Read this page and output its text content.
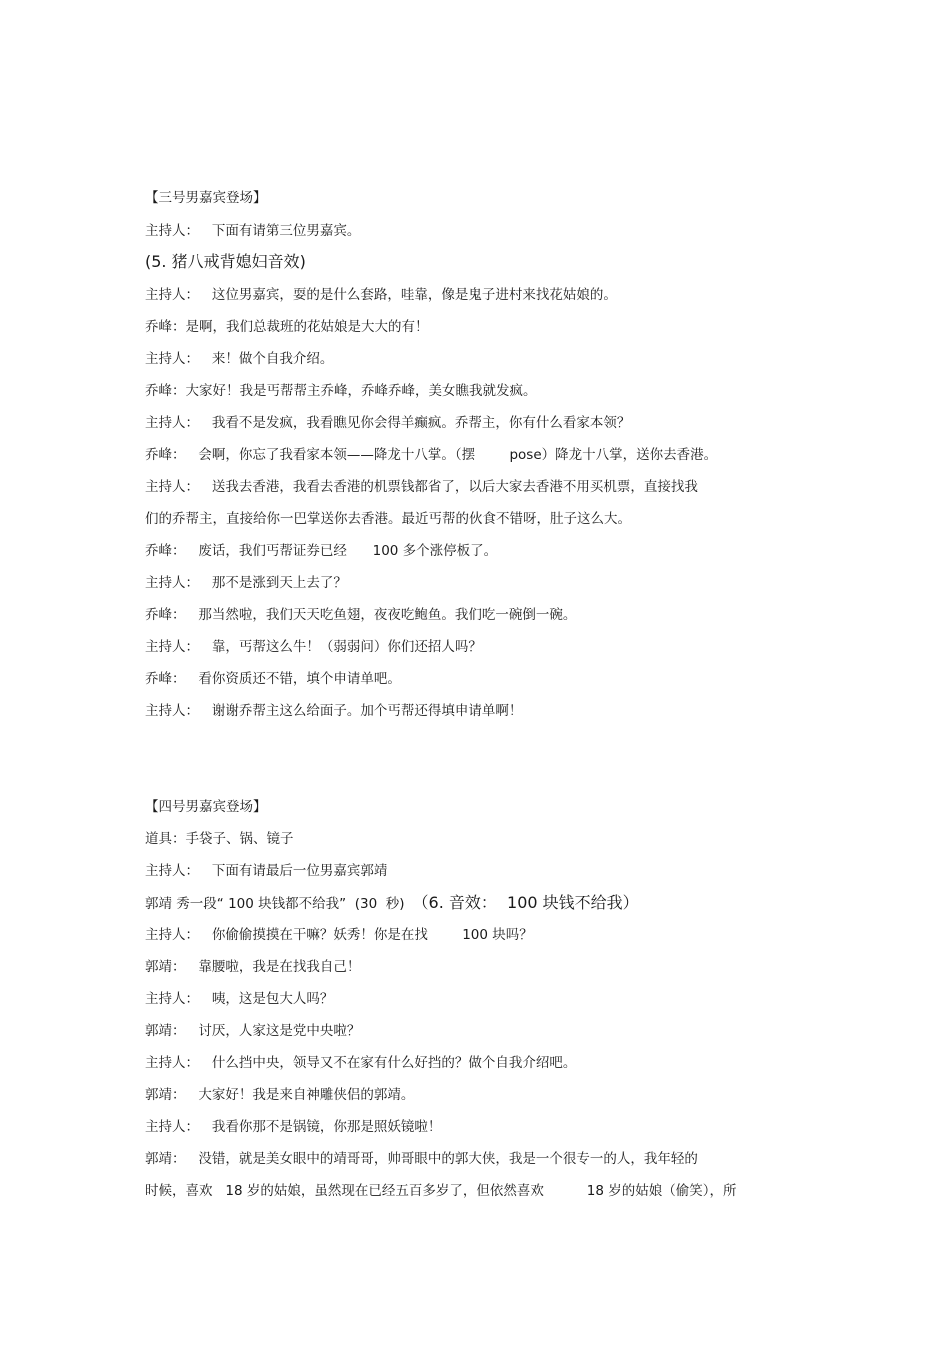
【三号男嘉宾登场】
主持人：   下面有请第三位男嘉宾。
(5. 猪八戒背媳妇音效)
主持人：   这位男嘉宾，耍的是什么套路，哇靠，像是鬼子进村来找花姑娘的。
乔峰：是啊，我们总裁班的花姑娘是大大的有！
主持人：   来！做个自我介绍。
乔峰：大家好！我是丐帮帮主乔峰，乔峰乔峰，美女瞧我就发疯。
主持人：   我看不是发疯，我看瞧见你会得羊癫疯。乔帮主，你有什么看家本领？
乔峰：   会啊，你忘了我看家本领——降龙十八掌。（摆        pose）降龙十八掌，送你去香港。
主持人：   送我去香港，我看去香港的机票钱都省了，以后大家去香港不用买机票，直接找我
们的乔帮主，直接给你一巴掌送你去香港。最近丐帮的伙食不错呀，肚子这么大。
乔峰：   废话，我们丐帮证券已经      100 多个涨停板了。
主持人：   那不是涨到天上去了？
乔峰：   那当然啦，我们天天吃鱼翅，夜夜吃鲍鱼。我们吃一碗倒一碗。
主持人：   靠，丐帮这么牛！（弱弱问）你们还招人吗？
乔峰：   看你资质还不错，填个申请单吧。
主持人：   谢谢乔帮主这么给面子。加个丐帮还得填申请单啊！
【四号男嘉宾登场】
道具：手袋子、锅、镜子
主持人：   下面有请最后一位男嘉宾郭靖
郭靖 秀一段“ 100 块钱都不给我”  (30  秒) （6. 音效：  100 块钱不给我）
主持人：   你偷偷摸摸在干嘛？妖秀！你是在找        100 块吗？
郭靖：   靠腰啦，我是在找我自己！
主持人：   咦，这是包大人吗？
郭靖：   讨厌，人家这是党中央啦？
主持人：   什么挡中央，领导又不在家有什么好挡的？做个自我介绍吧。
郭靖：   大家好！我是来自神雕侠侣的郭靖。
主持人：   我看你那不是锅镜，你那是照妖镜啦！
郭靖：   没错，就是美女眼中的靖哥哥，帅哥眼中的郭大侠，我是一个很专一的人，我年轻的
时候，喜欢   18 岁的姑娘，虽然现在已经五百多岁了，但依然喜欢          18 岁的姑娘（偷笑），所
